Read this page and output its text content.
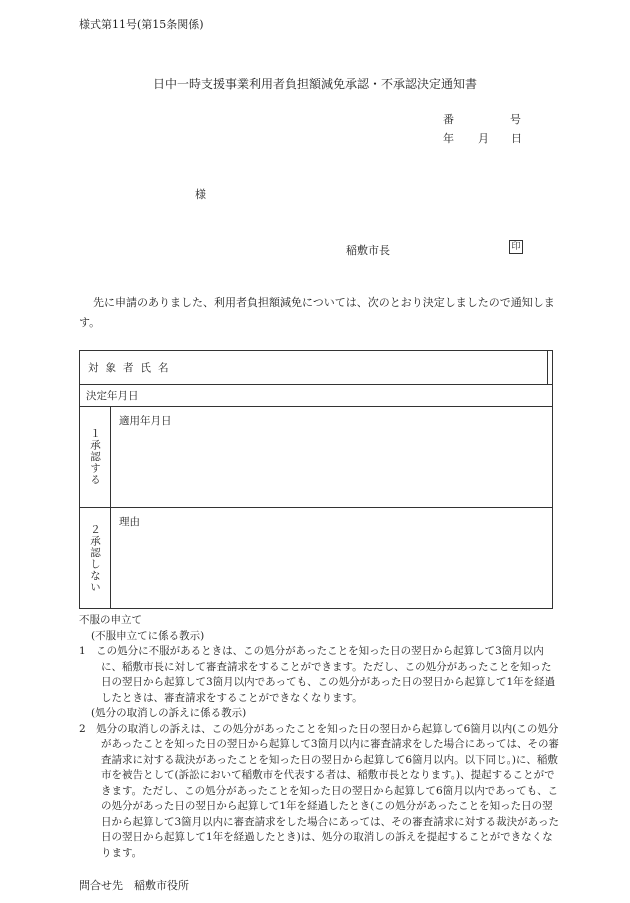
様式第11号(第15条関係)
日中一時支援事業利用者負担額減免承認・不承認決定通知書
番	号
年 月 日
様
稲敷市長	印
先に申請のありました、利用者負担額減免については、次のとおり決定しましたので通知します。
対象者氏名		
決定年月日		
１承認する	適用年月日	

２承認しない	理由	

不服の申立て

(不服申立てに係る教示)

1　この処分に不服があるときは、この処分があったことを知った日の翌日から起算して3箇月以内に、稲敷市長に対して審査請求をすることができます。ただし、この処分があったことを知った日の翌日から起算して3箇月以内であっても、この処分があった日の翌日から起算して1年を経過したときは、審査請求をすることができなくなります。

(処分の取消しの訴えに係る教示)

2　処分の取消しの訴えは、この処分があったことを知った日の翌日から起算して6箇月以内(この処分があったことを知った日の翌日から起算して3箇月以内に審査請求をした場合にあっては、その審査請求に対する裁決があったことを知った日の翌日から起算して6箇月以内。以下同じ。)に、稲敷市を被告として(訴訟において稲敷市を代表する者は、稲敷市長となります。)、提起することができます。ただし、この処分があったことを知った日の翌日から起算して6箇月以内であっても、この処分があった日の翌日から起算して1年を経過したとき(この処分があったことを知った日の翌日から起算して3箇月以内に審査請求をした場合にあっては、その審査請求に対する裁決があった日の翌日から起算して1年を経過したとき)は、処分の取消しの訴えを提起することができなくなります。

問合せ先　稲敷市役所
